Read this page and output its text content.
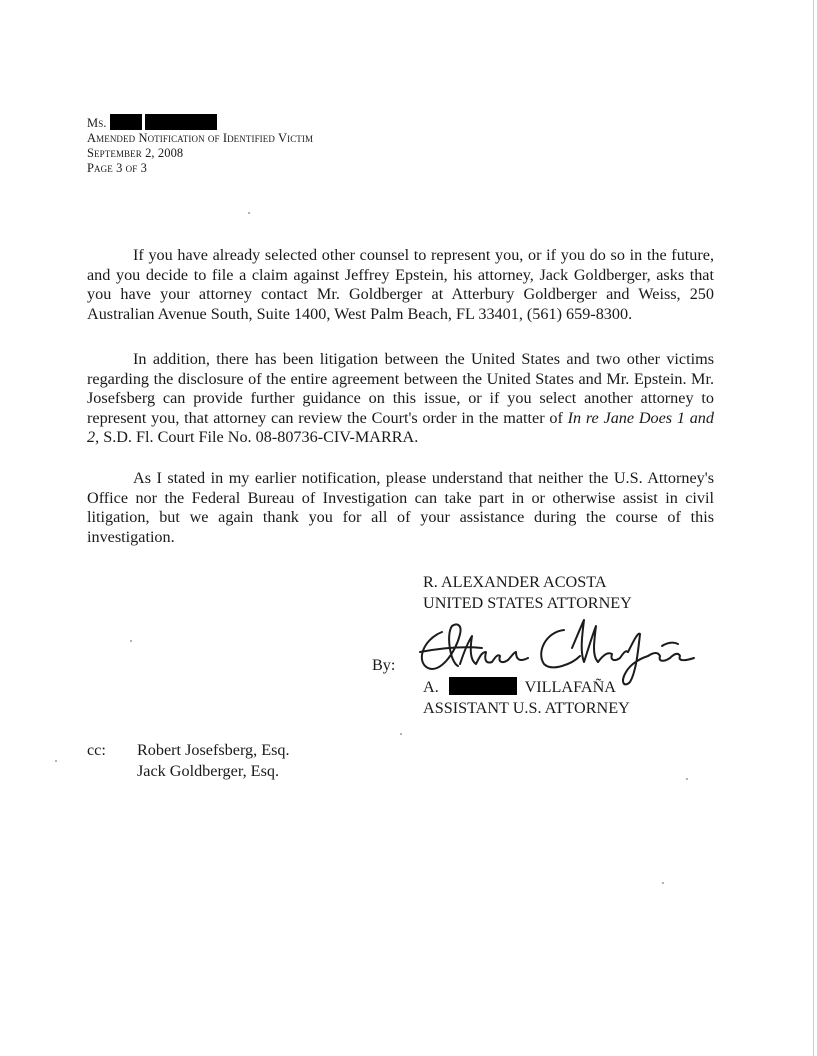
Ms.
Amended Notification of Identified Victim
September 2, 2008
Page 3 of 3
If you have already selected other counsel to represent you, or if you do so in the future, and you decide to file a claim against Jeffrey Epstein, his attorney, Jack Goldberger, asks that you have your attorney contact Mr. Goldberger at Atterbury Goldberger and Weiss, 250 Australian Avenue South, Suite 1400, West Palm Beach, FL 33401, (561) 659-8300.
In addition, there has been litigation between the United States and two other victims regarding the disclosure of the entire agreement between the United States and Mr. Epstein. Mr. Josefsberg can provide further guidance on this issue, or if you select another attorney to represent you, that attorney can review the Court's order in the matter of In re Jane Does 1 and 2, S.D. Fl. Court File No. 08-80736-CIV-MARRA.
As I stated in my earlier notification, please understand that neither the U.S. Attorney's Office nor the Federal Bureau of Investigation can take part in or otherwise assist in civil litigation, but we again thank you for all of your assistance during the course of this investigation.
R. ALEXANDER ACOSTA
UNITED STATES ATTORNEY
By:
A.	VILLAFAÑA
ASSISTANT U.S. ATTORNEY
cc: Robert Josefsberg, Esq.
Jack Goldberger, Esq.
